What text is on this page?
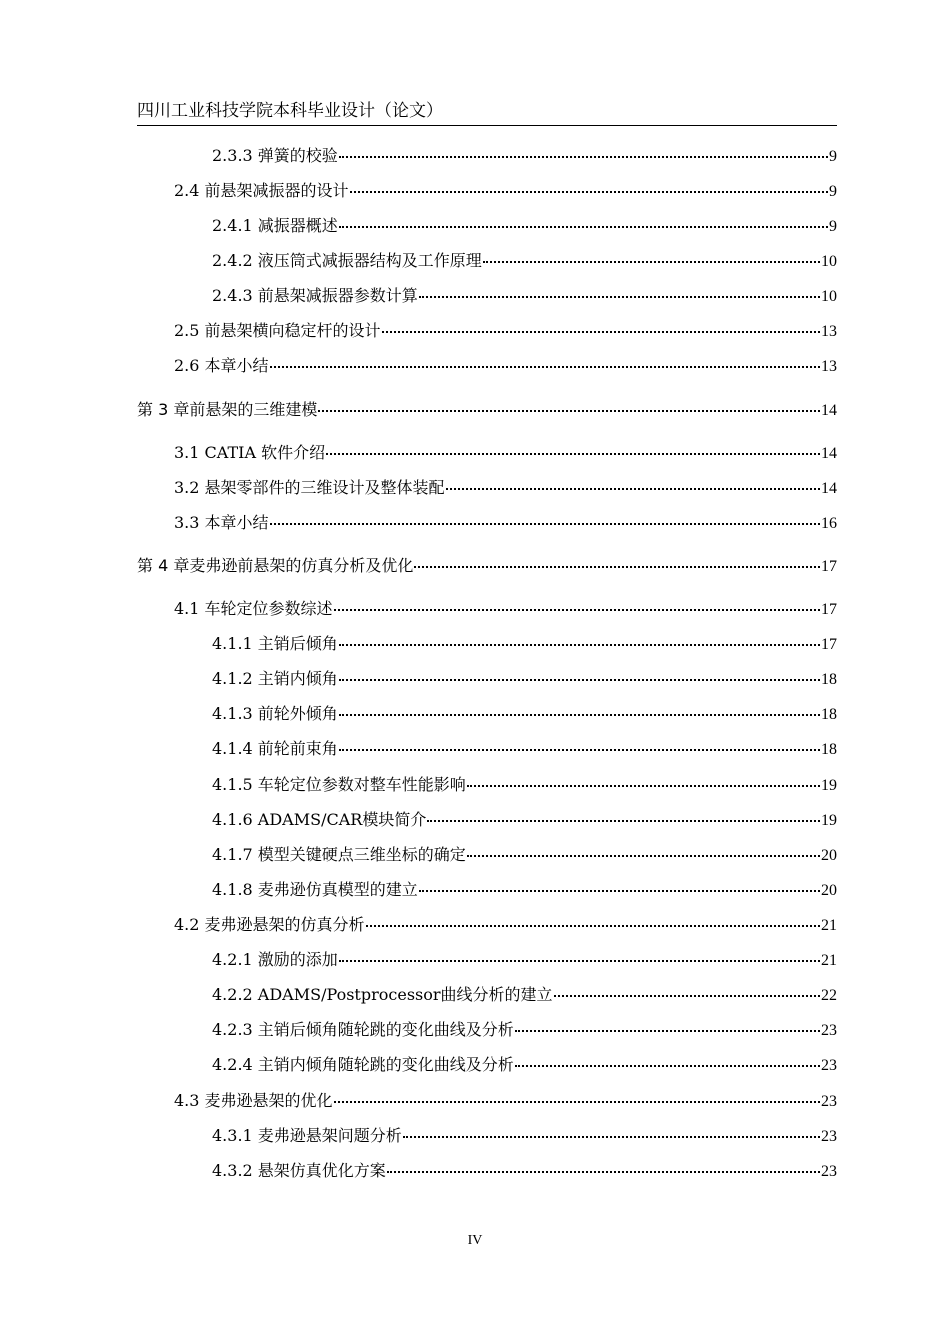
四川工业科技学院本科毕业设计（论文）
2.3.3 弹簧的校验	9
2.4 前悬架减振器的设计	9
2.4.1 减振器概述	9
2.4.2 液压筒式减振器结构及工作原理	10
2.4.3 前悬架减振器参数计算	10
2.5 前悬架横向稳定杆的设计	13
2.6 本章小结	13
第 3 章前悬架的三维建模	14
3.1 CATIA 软件介绍	14
3.2 悬架零部件的三维设计及整体装配	14
3.3 本章小结	16
第 4 章麦弗逊前悬架的仿真分析及优化	17
4.1 车轮定位参数综述	17
4.1.1 主销后倾角	17
4.1.2 主销内倾角	18
4.1.3 前轮外倾角	18
4.1.4 前轮前束角	18
4.1.5 车轮定位参数对整车性能影响	19
4.1.6 ADAMS/CAR模块简介	19
4.1.7 模型关键硬点三维坐标的确定	20
4.1.8 麦弗逊仿真模型的建立	20
4.2 麦弗逊悬架的仿真分析	21
4.2.1 激励的添加	21
4.2.2 ADAMS/Postprocessor曲线分析的建立	22
4.2.3 主销后倾角随轮跳的变化曲线及分析	23
4.2.4 主销内倾角随轮跳的变化曲线及分析	23
4.3 麦弗逊悬架的优化	23
4.3.1 麦弗逊悬架问题分析	23
4.3.2 悬架仿真优化方案	23
IV
